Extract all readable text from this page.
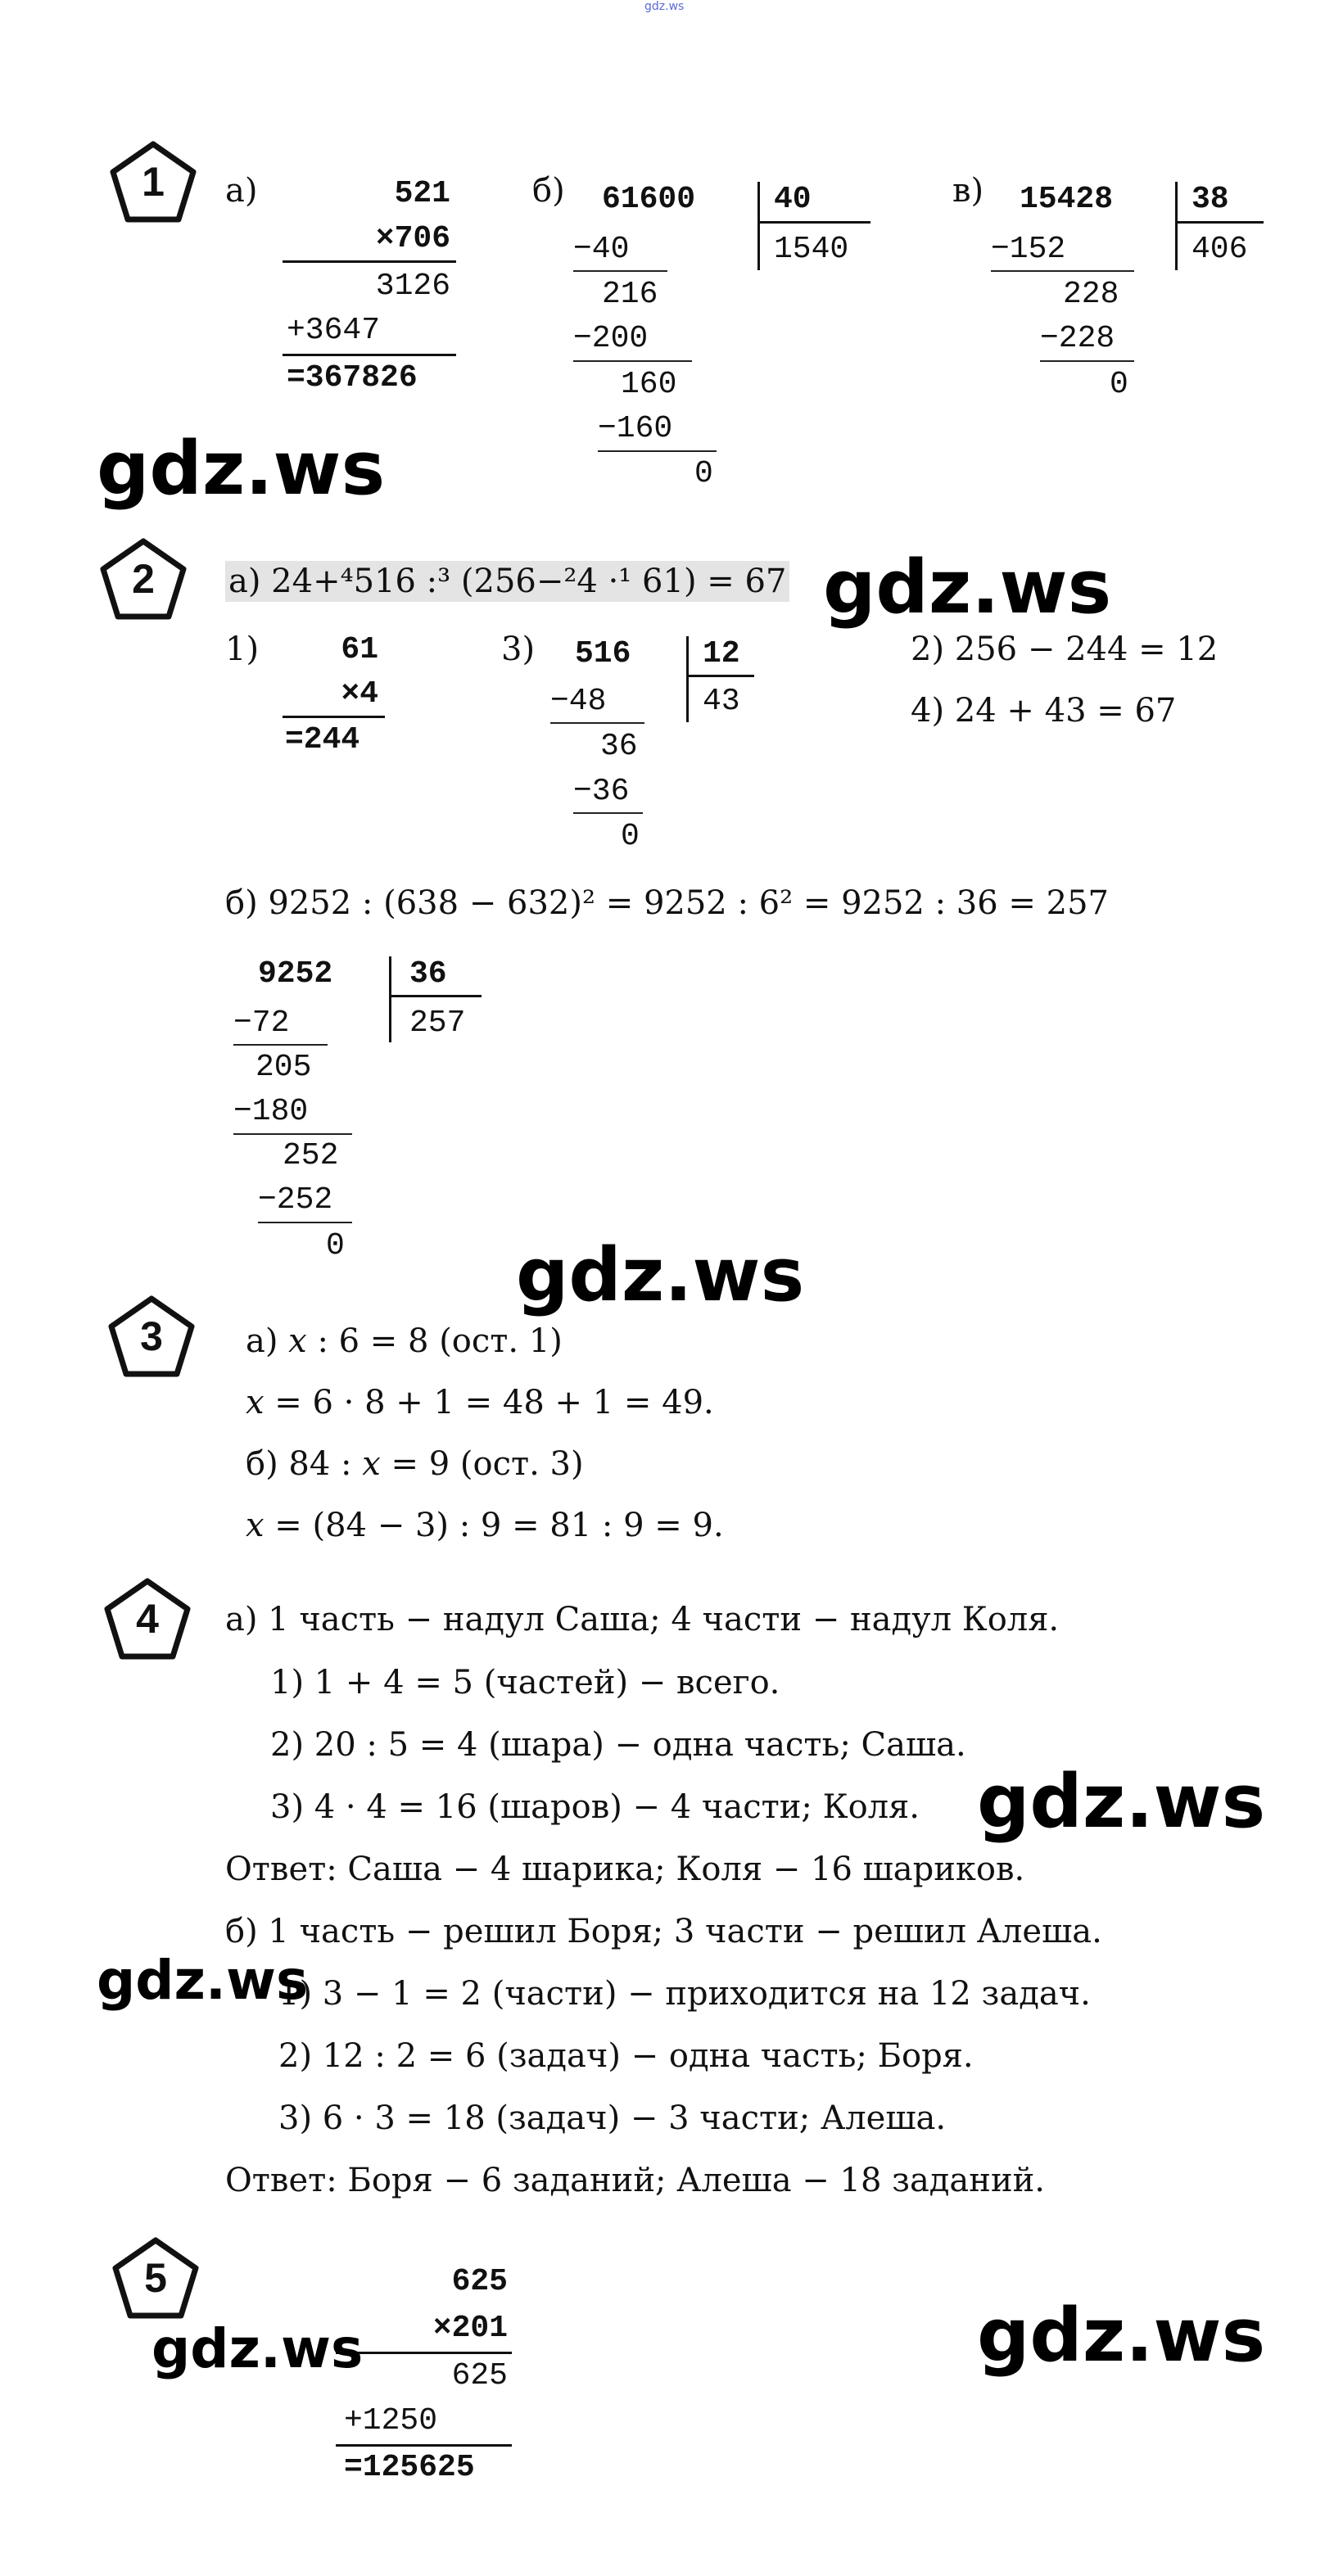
gdz.ws
1	а)	521
×706
3126
+3647
=367826
б) 61600	40
1540
−40
216
−200
160
−160
0
в) 15428	38
406
−152
228
−228
0
gdz.ws
2	а) 24+⁴516 :³ (256−²4 ·¹ 61) = 67 gdz.ws
1)	61
×4
=244
3) 516 12
43
−48
36
−36
0
2) 256 − 244 = 12
4) 24 + 43 = 67
б) 9252 : (638 − 632)² = 9252 : 6² = 9252 : 36 = 257
9252 36
257
−72
205
−180
252
−252
0 gdz.ws
3	а) 𝑥 : 6 = 8 (ост. 1)
𝑥 = 6 · 8 + 1 = 48 + 1 = 49.
б) 84 : 𝑥 = 9 (ост. 3)
𝑥 = (84 − 3) : 9 = 81 : 9 = 9.
4	а) 1 часть − надул Саша; 4 части − надул Коля.
1) 1 + 4 = 5 (частей) − всего.
2) 20 : 5 = 4 (шара) − одна часть; Саша.
3) 4 · 4 = 16 (шаров) − 4 части; Коля.
Ответ: Саша − 4 шарика; Коля − 16 шариков.
б) 1 часть − решил Боря; 3 части − решил Алеша.
1) 3 − 1 = 2 (части) − приходится на 12 задач.
2) 12 : 2 = 6 (задач) − одна часть; Боря.
3) 6 · 3 = 18 (задач) − 3 части; Алеша.
Ответ: Боря − 6 заданий; Алеша − 18 заданий.
gdz.ws
gdz.ws
5	625
×201
625
+1250
=125625
gdz.ws	gdz.ws
